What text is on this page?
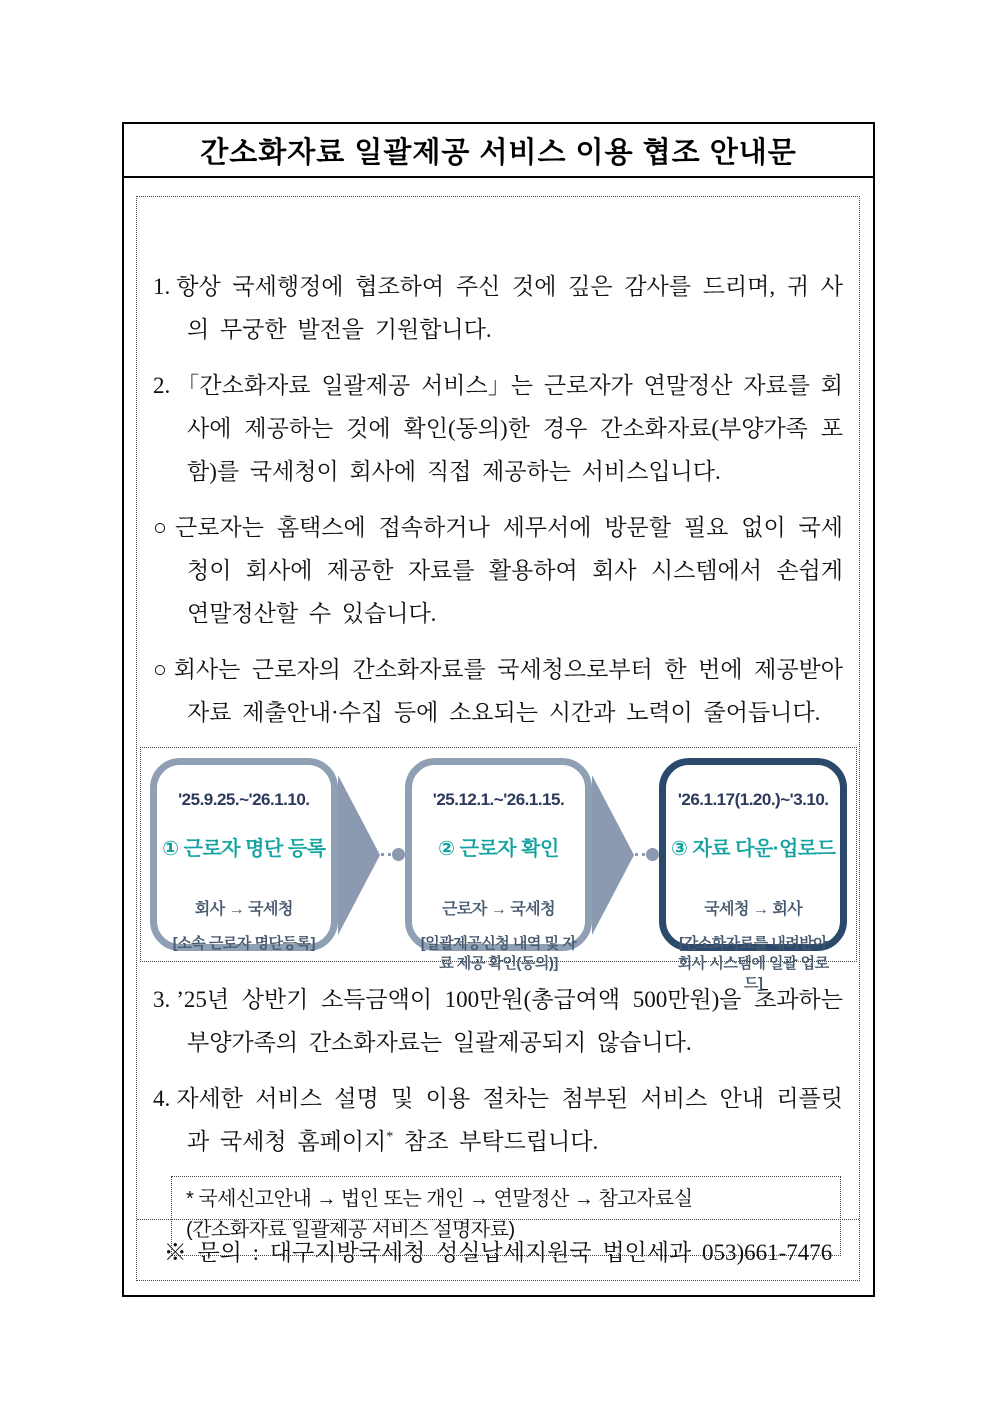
간소화자료 일괄제공 서비스 이용 협조 안내문

1. 항상 국세행정에 협조하여 주신 것에 깊은 감사를 드리며, 귀 사의 무궁한 발전을 기원합니다.

2. 「간소화자료 일괄제공 서비스」는 근로자가 연말정산 자료를 회사에 제공하는 것에 확인(동의)한 경우 간소화자료(부양가족 포함)를 국세청이 회사에 직접 제공하는 서비스입니다.

○ 근로자는 홈택스에 접속하거나 세무서에 방문할 필요 없이 국세청이 회사에 제공한 자료를 활용하여 회사 시스템에서 손쉽게 연말정산할 수 있습니다.

○ 회사는 근로자의 간소화자료를 국세청으로부터 한 번에 제공받아 자료 제출안내·수집 등에 소요되는 시간과 노력이 줄어듭니다.

'25.9.25.~'26.1.10.
① 근로자 명단 등록
회사 → 국세청
[소속 근로자 명단등록]
'25.12.1.~'26.1.15.
② 근로자 확인
근로자 → 국세청
[일괄제공신청 내역 및 자료 제공 확인(동의)]
'26.1.17(1.20.)~'3.10.
③ 자료 다운·업로드
국세청 → 회사
[간소화자료를 내려받아 회사 시스템에 일괄 업로드]

3. ’25년 상반기 소득금액이 100만원(총급여액 500만원)을 초과하는 부양가족의 간소화자료는 일괄제공되지 않습니다.

4. 자세한 서비스 설명 및 이용 절차는 첨부된 서비스 안내 리플릿과 국세청 홈페이지* 참조 부탁드립니다.

* 국세신고안내 → 법인 또는 개인 → 연말정산 → 참고자료실
(간소화자료 일괄제공 서비스 설명자료)
※ 문의 : 대구지방국세청 성실납세지원국 법인세과 053)661-7476
